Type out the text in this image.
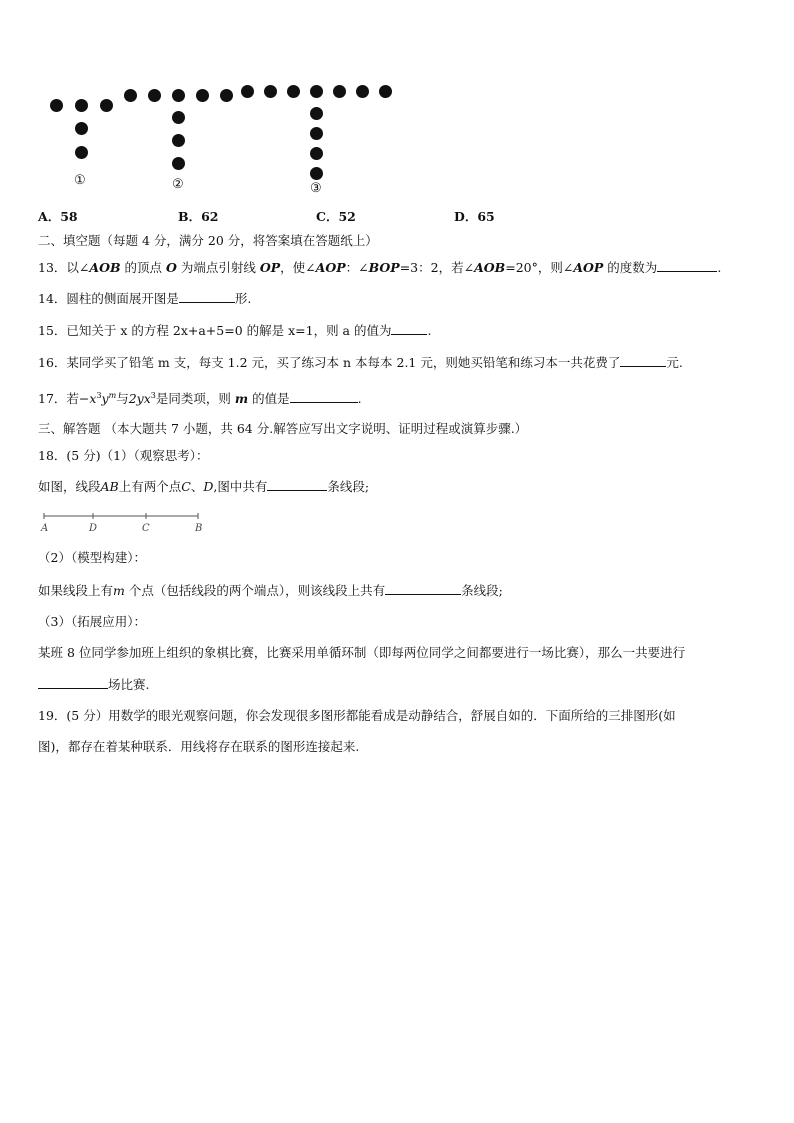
①	②	③
A．58	B．62	C．52	D．65
二、填空题（每题 4 分，满分 20 分，将答案填在答题纸上）
13．以∠AOB 的顶点 O 为端点引射线 OP，使∠AOP：∠BOP=3：2，若∠AOB=20°，则∠AOP 的度数为	.
14．圆柱的侧面展开图是	形.
15．已知关于 x 的方程 2x+a+5=0 的解是 x=1，则 a 的值为	.
16．某同学买了铅笔 m 支，每支 1.2 元，买了练习本 n 本每本 2.1 元，则她买铅笔和练习本一共花费了	元.
17．若$-x^3y^m$与$2yx^3$是同类项，则 m 的值是	.
三、解答题 （本大题共 7 小题，共 64 分.解答应写出文字说明、证明过程或演算步骤.）
18．(5 分)（1）（观察思考）：
如图，线段AB上有两个点C、D,图中共有	条线段;
A	D	C	B
（2）（模型构建）：
如果线段上有m 个点（包括线段的两个端点），则该线段上共有	条线段;
（3）（拓展应用）：
某班 8 位同学参加班上组织的象棋比赛，比赛采用单循环制（即每两位同学之间都要进行一场比赛），那么一共要进行
场比赛.
19．(5 分）用数学的眼光观察问题，你会发现很多图形都能看成是动静结合，舒展自如的．下面所给的三排图形(如
图)，都存在着某种联系．用线将存在联系的图形连接起来.
